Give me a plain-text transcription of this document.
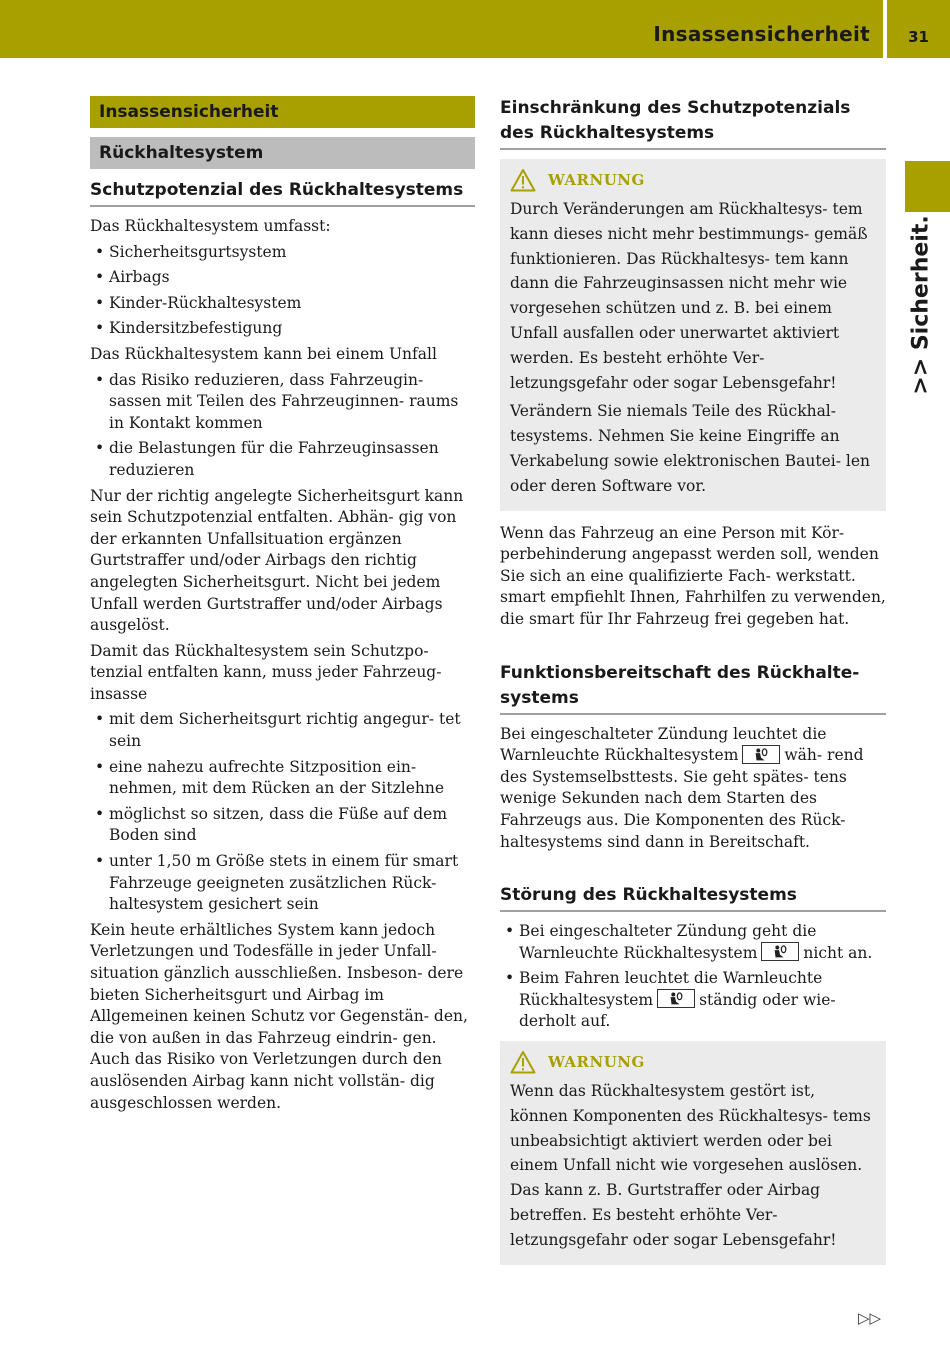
Insassensicherheit	31
>> Sicherheit.
Insassensicherheit
Rückhaltesystem
Schutzpotenzial des Rückhaltesystems

Das Rückhaltesystem umfasst:

• Sicherheitsgurtsystem
• Airbags
• Kinder-Rückhaltesystem
• Kindersitzbefestigung

Das Rückhaltesystem kann bei einem Unfall

• das Risiko reduzieren, dass Fahrzeugin- sassen mit Teilen des Fahrzeuginnen- raums in Kontakt kommen
• die Belastungen für die Fahrzeuginsassen reduzieren

Nur der richtig angelegte Sicherheitsgurt kann sein Schutzpotenzial entfalten. Abhän- gig von der erkannten Unfallsituation ergänzen Gurtstraffer und/oder Airbags den richtig angelegten Sicherheitsgurt. Nicht bei jedem Unfall werden Gurtstraffer und/oder Airbags ausgelöst.

Damit das Rückhaltesystem sein Schutzpo- tenzial entfalten kann, muss jeder Fahrzeug- insasse

• mit dem Sicherheitsgurt richtig angegur- tet sein
• eine nahezu aufrechte Sitzposition ein- nehmen, mit dem Rücken an der Sitzlehne
• möglichst so sitzen, dass die Füße auf dem Boden sind
• unter 1,50 m Größe stets in einem für smart Fahrzeuge geeigneten zusätzlichen Rück- haltesystem gesichert sein

Kein heute erhältliches System kann jedoch Verletzungen und Todesfälle in jeder Unfall- situation gänzlich ausschließen. Insbeson- dere bieten Sicherheitsgurt und Airbag im Allgemeinen keinen Schutz vor Gegenstän- den, die von außen in das Fahrzeug eindrin- gen. Auch das Risiko von Verletzungen durch den auslösenden Airbag kann nicht vollstän- dig ausgeschlossen werden.

Einschränkung des Schutzpotenzials des Rückhaltesystems
WARNUNG

Durch Veränderungen am Rückhaltesys- tem kann dieses nicht mehr bestimmungs- gemäß funktionieren. Das Rückhaltesys- tem kann dann die Fahrzeuginsassen nicht mehr wie vorgesehen schützen und z. B. bei einem Unfall ausfallen oder unerwartet aktiviert werden. Es besteht erhöhte Ver- letzungsgefahr oder sogar Lebensgefahr!

Verändern Sie niemals Teile des Rückhal- tesystems. Nehmen Sie keine Eingriffe an Verkabelung sowie elektronischen Bautei- len oder deren Software vor.

Wenn das Fahrzeug an eine Person mit Kör- perbehinderung angepasst werden soll, wenden Sie sich an eine qualifizierte Fach- werkstatt. smart empfiehlt Ihnen, Fahrhilfen zu verwenden, die smart für Ihr Fahrzeug frei gegeben hat.

Funktionsbereitschaft des Rückhalte- systems

Bei eingeschalteter Zündung leuchtet die Warnleuchte Rückhaltesystem	wäh- rend des Systemselbsttests. Sie geht spätes- tens wenige Sekunden nach dem Starten des Fahrzeugs aus. Die Komponenten des Rück- haltesystems sind dann in Bereitschaft.

Störung des Rückhaltesystems
• Bei eingeschalteter Zündung geht die Warnleuchte Rückhaltesystem	nicht an.
• Beim Fahren leuchtet die Warnleuchte Rückhaltesystem	ständig oder wie- derholt auf.
WARNUNG

Wenn das Rückhaltesystem gestört ist, können Komponenten des Rückhaltesys- tems unbeabsichtigt aktiviert werden oder bei einem Unfall nicht wie vorgesehen auslösen. Das kann z. B. Gurtstraffer oder Airbag betreffen. Es besteht erhöhte Ver- letzungsgefahr oder sogar Lebensgefahr!

▷▷
